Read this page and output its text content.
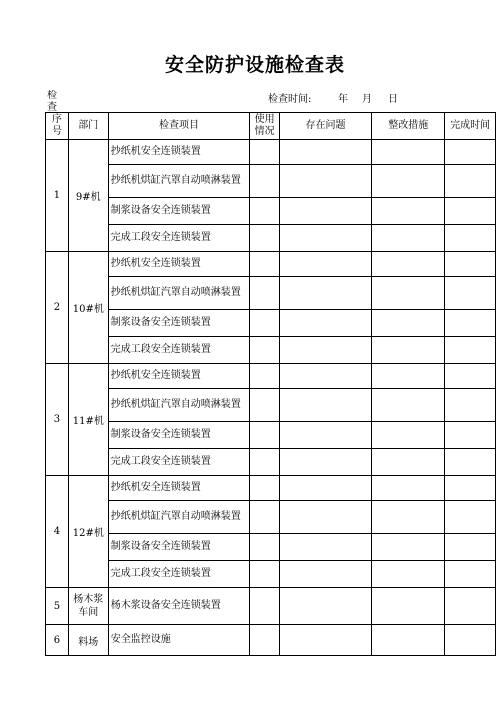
安全防护设施检查表
检查
检查时间:	年 月 日
序号	部门	检查项目	使用情况	存在问题	整改措施	完成时间
1	9#机	抄纸机安全连锁装置				
		抄纸机烘缸汽罩自动喷淋装置				
		制浆设备安全连锁装置				
		完成工段安全连锁装置				
2	10#机	抄纸机安全连锁装置				
		抄纸机烘缸汽罩自动喷淋装置				
		制浆设备安全连锁装置				
		完成工段安全连锁装置				
3	11#机	抄纸机安全连锁装置				
		抄纸机烘缸汽罩自动喷淋装置				
		制浆设备安全连锁装置				
		完成工段安全连锁装置				
4	12#机	抄纸机安全连锁装置				
		抄纸机烘缸汽罩自动喷淋装置				
		制浆设备安全连锁装置				
		完成工段安全连锁装置				
5	杨木浆车间	杨木浆设备安全连锁装置				
6	料场	安全监控设施				
